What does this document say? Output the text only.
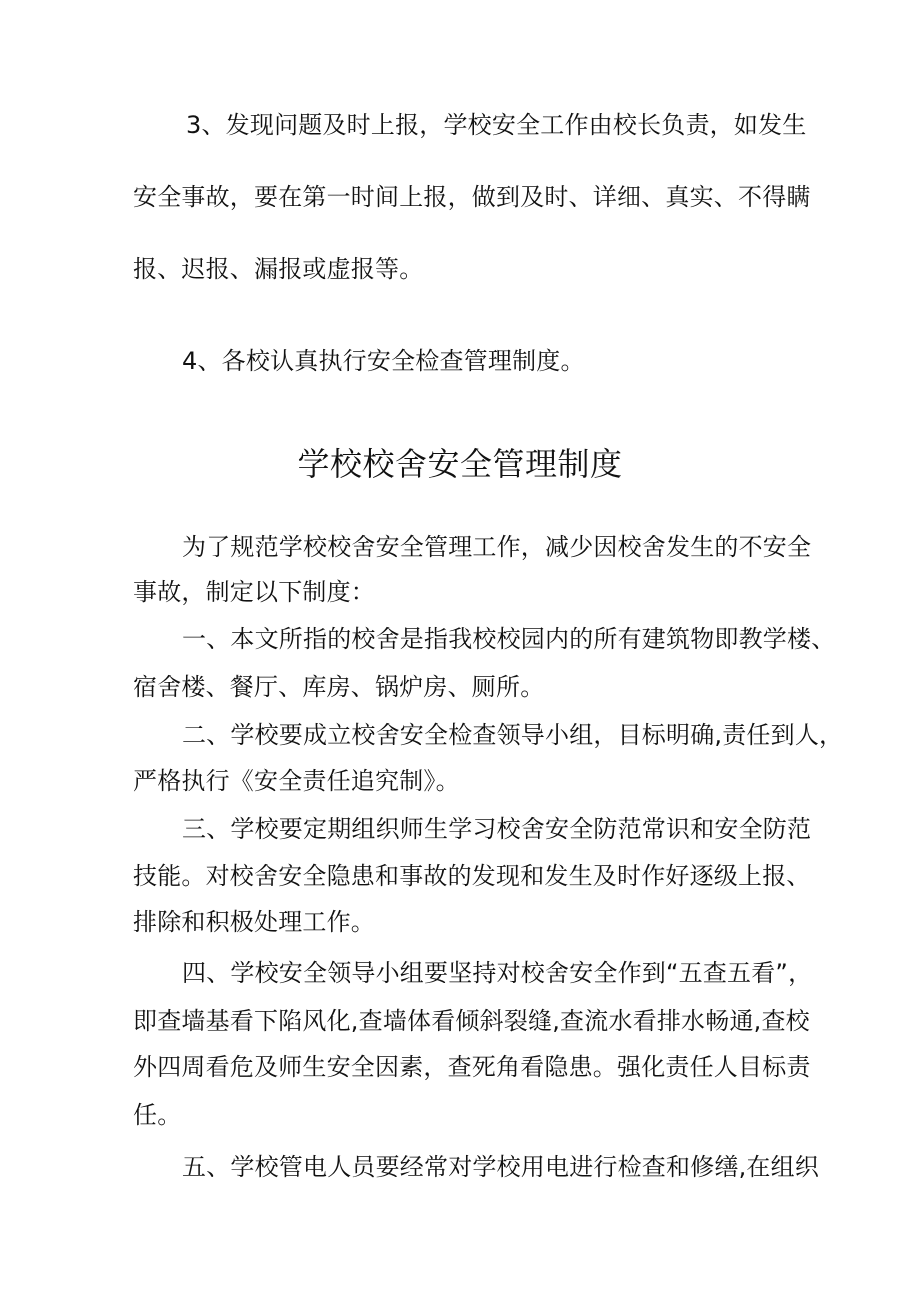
3、发现问题及时上报，学校安全工作由校长负责，如发生
安全事故，要在第一时间上报，做到及时、详细、真实、不得瞒
报、迟报、漏报或虚报等。
4、各校认真执行安全检查管理制度。
学校校舍安全管理制度
为了规范学校校舍安全管理工作，减少因校舍发生的不安全
事故，制定以下制度：
一、本文所指的校舍是指我校校园内的所有建筑物即教学楼、
宿舍楼、餐厅、库房、锅炉房、厕所。
二、学校要成立校舍安全检查领导小组，目标明确,责任到人，
严格执行《安全责任追究制》。
三、学校要定期组织师生学习校舍安全防范常识和安全防范
技能。对校舍安全隐患和事故的发现和发生及时作好逐级上报、
排除和积极处理工作。
四、学校安全领导小组要坚持对校舍安全作到“五查五看”，
即查墙基看下陷风化,查墙体看倾斜裂缝,查流水看排水畅通,查校
外四周看危及师生安全因素，查死角看隐患。强化责任人目标责
任。
五、学校管电人员要经常对学校用电进行检查和修缮,在组织
